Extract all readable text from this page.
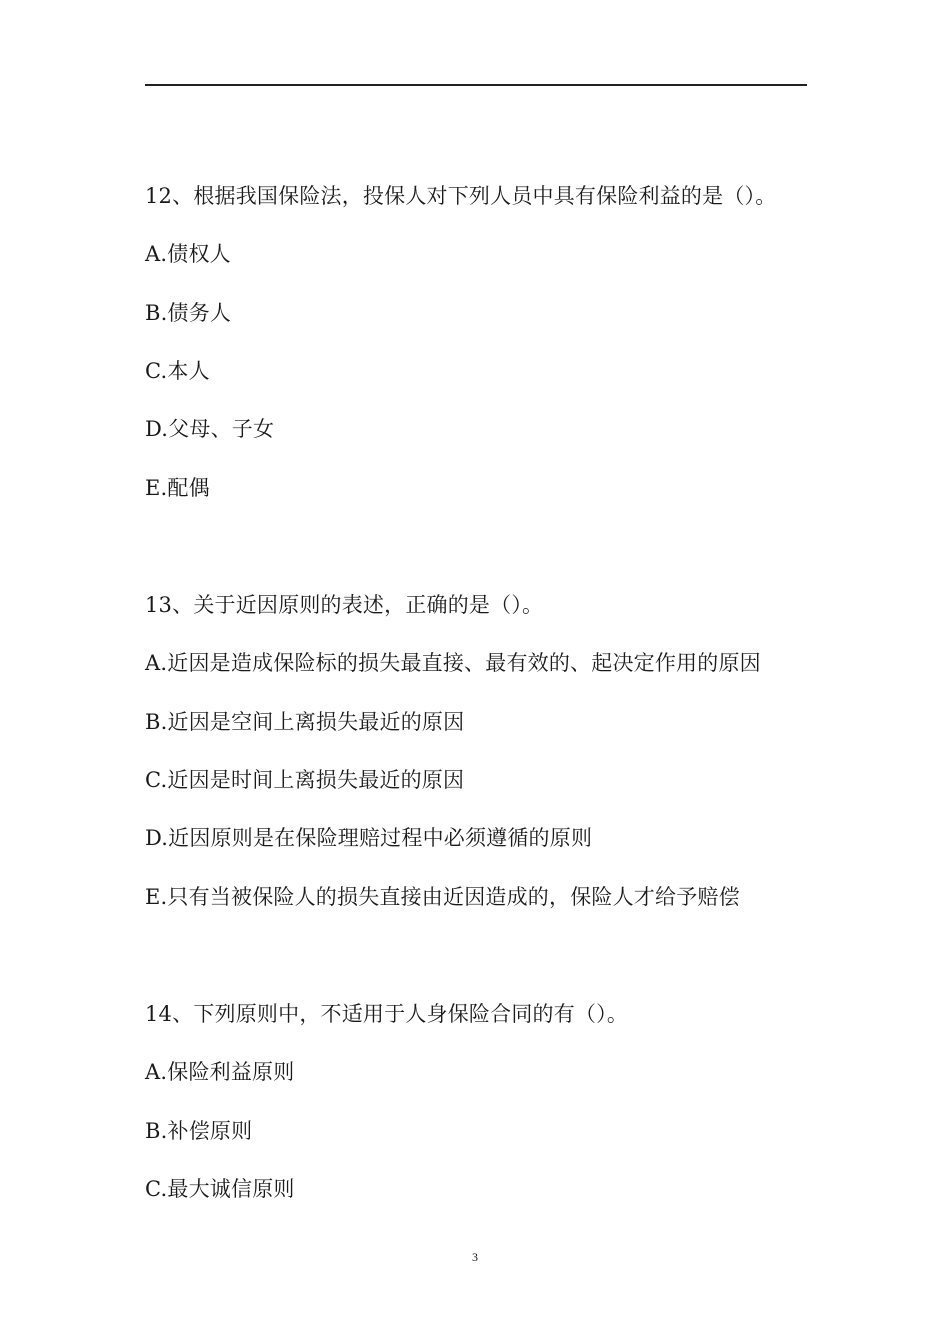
12、根据我国保险法，投保人对下列人员中具有保险利益的是（）。
A.债权人
B.债务人
C.本人
D.父母、子女
E.配偶
13、关于近因原则的表述，正确的是（）。
A.近因是造成保险标的损失最直接、最有效的、起决定作用的原因
B.近因是空间上离损失最近的原因
C.近因是时间上离损失最近的原因
D.近因原则是在保险理赔过程中必须遵循的原则
E.只有当被保险人的损失直接由近因造成的，保险人才给予赔偿
14、下列原则中，不适用于人身保险合同的有（）。
A.保险利益原则
B.补偿原则
C.最大诚信原则
3
